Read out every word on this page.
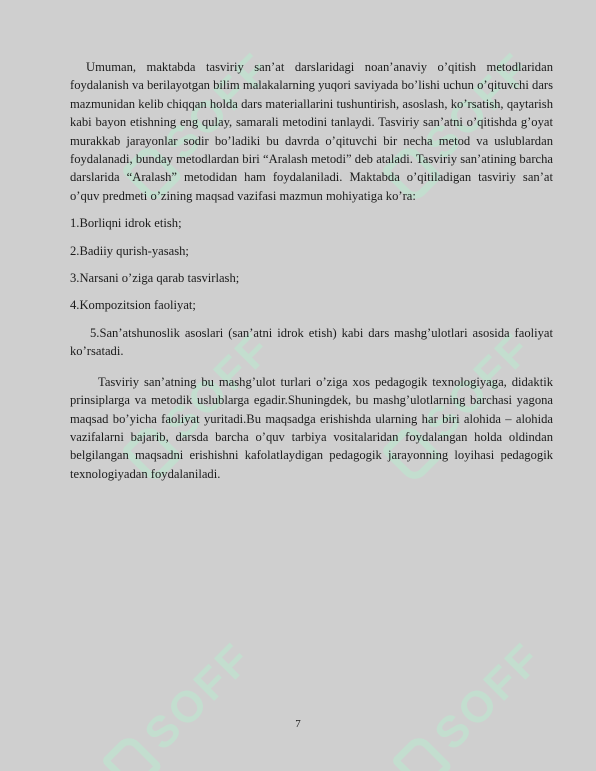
SOFF	SOFF
SOFF	SOFF
SOFF	SOFF

Umuman, maktabda tasviriy san’at darslaridagi noan’anaviy o’qitish metodlaridan foydalanish va berilayotgan bilim malakalarning yuqori saviyada bo’lishi uchun o’qituvchi dars mazmunidan kelib chiqqan holda dars materiallarini tushuntirish, asoslash, ko’rsatish, qaytarish kabi bayon etishning eng qulay, samarali metodini tanlaydi. Tasviriy san’atni o’qitishda g’oyat murakkab jarayonlar sodir bo’ladiki bu davrda o’qituvchi bir necha metod va uslublardan foydalanadi, bunday metodlardan biri “Aralash metodi” deb ataladi. Tasviriy san’atining barcha darslarida “Aralash” metodidan ham foydalaniladi. Maktabda o’qitiladigan tasviriy san’at o’quv predmeti o’zining maqsad vazifasi mazmun mohiyatiga ko’ra:

1.Borliqni idrok etish;

2.Badiiy qurish-yasash;

3.Narsani o’ziga qarab tasvirlash;

4.Kompozitsion faoliyat;

5.San’atshunoslik asoslari (san’atni idrok etish) kabi dars mashg’ulotlari asosida faoliyat ko’rsatadi.

Tasviriy san’atning bu mashg’ulot turlari o’ziga xos pedagogik texnologiyaga, didaktik prinsiplarga va metodik uslublarga egadir.Shuningdek, bu mashg’ulotlarning barchasi yagona maqsad bo’yicha faoliyat yuritadi.Bu maqsadga erishishda ularning har biri alohida – alohida vazifalarni bajarib, darsda barcha o’quv tarbiya vositalaridan foydalangan holda oldindan belgilangan maqsadni erishishni kafolatlaydigan pedagogik jarayonning loyihasi pedagogik texnologiyadan foydalaniladi.

7
